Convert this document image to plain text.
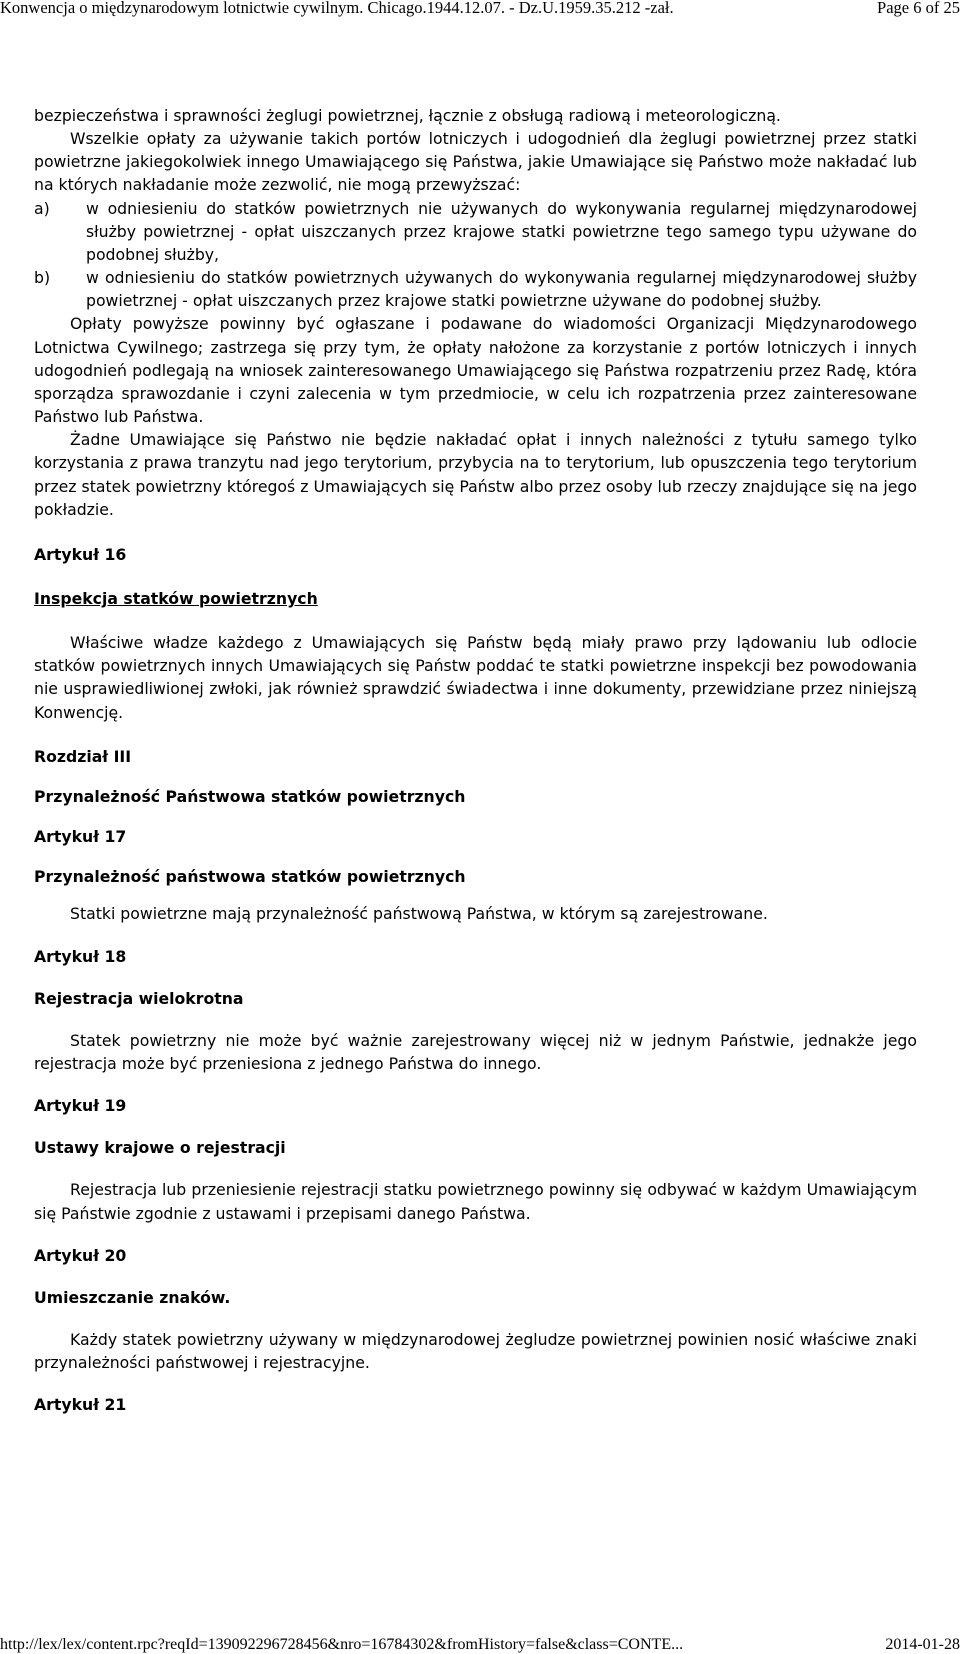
Konwencja o międzynarodowym lotnictwie cywilnym. Chicago.1944.12.07. - Dz.U.1959.35.212 -zał.	Page 6 of 25

bezpieczeństwa i sprawności żeglugi powietrznej, łącznie z obsługą radiową i meteorologiczną.

Wszelkie opłaty za używanie takich portów lotniczych i udogodnień dla żeglugi powietrznej przez statki powietrzne jakiegokolwiek innego Umawiającego się Państwa, jakie Umawiające się Państwo może nakładać lub na których nakładanie może zezwolić, nie mogą przewyższać:

a)	w odniesieniu do statków powietrznych nie używanych do wykonywania regularnej międzynarodowej służby powietrznej - opłat uiszczanych przez krajowe statki powietrzne tego samego typu używane do podobnej służby,
b)	w odniesieniu do statków powietrznych używanych do wykonywania regularnej międzynarodowej służby powietrznej - opłat uiszczanych przez krajowe statki powietrzne używane do podobnej służby.

Opłaty powyższe powinny być ogłaszane i podawane do wiadomości Organizacji Międzynarodowego Lotnictwa Cywilnego; zastrzega się przy tym, że opłaty nałożone za korzystanie z portów lotniczych i innych udogodnień podlegają na wniosek zainteresowanego Umawiającego się Państwa rozpatrzeniu przez Radę, która sporządza sprawozdanie i czyni zalecenia w tym przedmiocie, w celu ich rozpatrzenia przez zainteresowane Państwo lub Państwa.

Żadne Umawiające się Państwo nie będzie nakładać opłat i innych należności z tytułu samego tylko korzystania z prawa tranzytu nad jego terytorium, przybycia na to terytorium, lub opuszczenia tego terytorium przez statek powietrzny któregoś z Umawiających się Państw albo przez osoby lub rzeczy znajdujące się na jego pokładzie.

Artykuł 16

Inspekcja statków powietrznych

Właściwe władze każdego z Umawiających się Państw będą miały prawo przy lądowaniu lub odlocie statków powietrznych innych Umawiających się Państw poddać te statki powietrzne inspekcji bez powodowania nie usprawiedliwionej zwłoki, jak również sprawdzić świadectwa i inne dokumenty, przewidziane przez niniejszą Konwencję.

Rozdział III

Przynależność Państwowa statków powietrznych

Artykuł 17

Przynależność państwowa statków powietrznych

Statki powietrzne mają przynależność państwową Państwa, w którym są zarejestrowane.

Artykuł 18

Rejestracja wielokrotna

Statek powietrzny nie może być ważnie zarejestrowany więcej niż w jednym Państwie, jednakże jego rejestracja może być przeniesiona z jednego Państwa do innego.

Artykuł 19

Ustawy krajowe o rejestracji

Rejestracja lub przeniesienie rejestracji statku powietrznego powinny się odbywać w każdym Umawiającym się Państwie zgodnie z ustawami i przepisami danego Państwa.

Artykuł 20

Umieszczanie znaków.

Każdy statek powietrzny używany w międzynarodowej żegludze powietrznej powinien nosić właściwe znaki przynależności państwowej i rejestracyjne.

Artykuł 21

http://lex/lex/content.rpc?reqId=139092296728456&nro=16784302&fromHistory=false&class=CONTE...	2014-01-28
